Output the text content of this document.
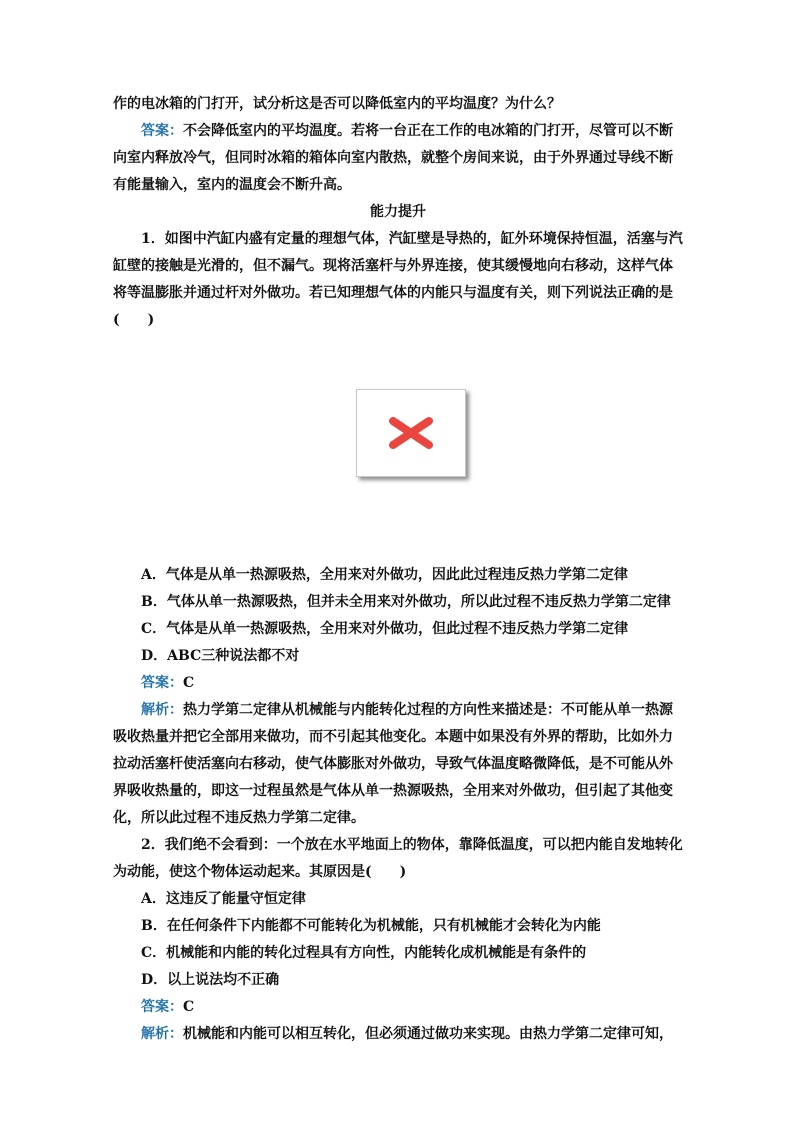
作的电冰箱的门打开，试分析这是否可以降低室内的平均温度？为什么？

答案：不会降低室内的平均温度。若将一台正在工作的电冰箱的门打开，尽管可以不断

向室内释放冷气，但同时冰箱的箱体向室内散热，就整个房间来说，由于外界通过导线不断

有能量输入，室内的温度会不断升高。

能力提升

1．如图中汽缸内盛有定量的理想气体，汽缸壁是导热的，缸外环境保持恒温，活塞与汽

缸壁的接触是光滑的，但不漏气。现将活塞杆与外界连接，使其缓慢地向右移动，这样气体

将等温膨胀并通过杆对外做功。若已知理想气体的内能只与温度有关，则下列说法正确的是

(　　)

A．气体是从单一热源吸热，全用来对外做功，因此此过程违反热力学第二定律

B．气体从单一热源吸热，但并未全用来对外做功，所以此过程不违反热力学第二定律

C．气体是从单一热源吸热，全用来对外做功，但此过程不违反热力学第二定律

D．ABC三种说法都不对

答案：C

解析：热力学第二定律从机械能与内能转化过程的方向性来描述是：不可能从单一热源

吸收热量并把它全部用来做功，而不引起其他变化。本题中如果没有外界的帮助，比如外力

拉动活塞杆使活塞向右移动，使气体膨胀对外做功，导致气体温度略微降低，是不可能从外

界吸收热量的，即这一过程虽然是气体从单一热源吸热，全用来对外做功，但引起了其他变

化，所以此过程不违反热力学第二定律。

2．我们绝不会看到：一个放在水平地面上的物体，靠降低温度，可以把内能自发地转化

为动能，使这个物体运动起来。其原因是(　　)

A．这违反了能量守恒定律

B．在任何条件下内能都不可能转化为机械能，只有机械能才会转化为内能

C．机械能和内能的转化过程具有方向性，内能转化成机械能是有条件的

D．以上说法均不正确

答案：C

解析：机械能和内能可以相互转化，但必须通过做功来实现。由热力学第二定律可知，
